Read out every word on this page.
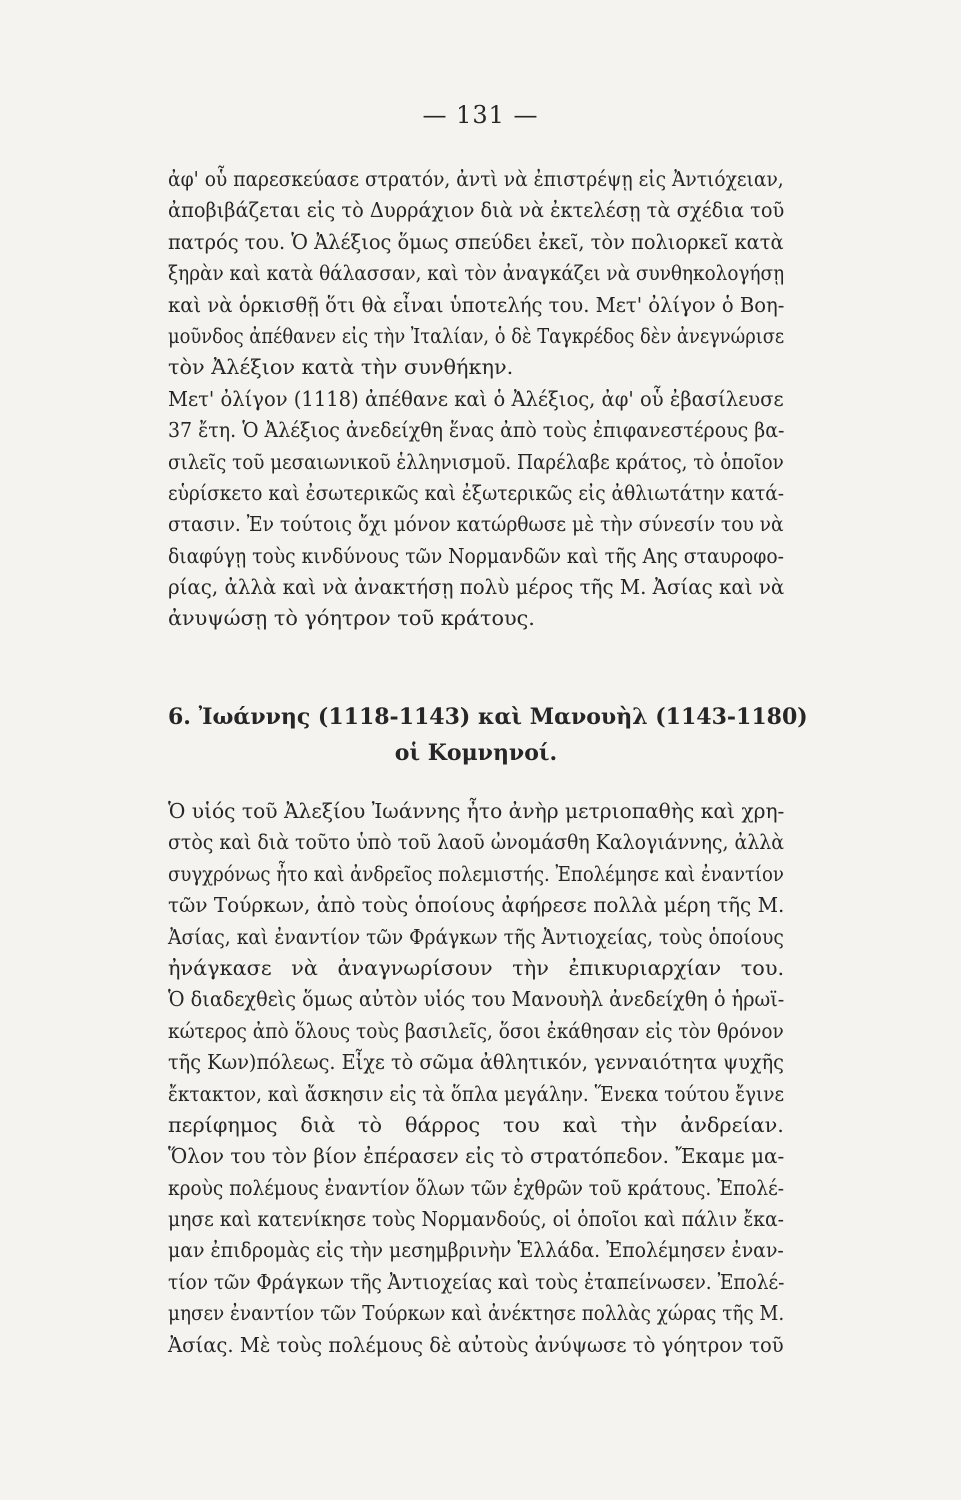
— 131 —
ἀφ' οὗ παρεσκεύασε στρατόν, ἀντὶ νὰ ἐπιστρέψῃ εἰς Ἀντιόχειαν,
ἀποβιβάζεται εἰς τὸ Δυρράχιον διὰ νὰ ἐκτελέσῃ τὰ σχέδια τοῦ
πατρός του. Ὁ Ἀλέξιος ὅμως σπεύδει ἐκεῖ, τὸν πολιορκεῖ κατὰ
ξηρὰν καὶ κατὰ θάλασσαν, καὶ τὸν ἀναγκάζει νὰ συνθηκολογήσῃ
καὶ νὰ ὁρκισθῇ ὅτι θὰ εἶναι ὑποτελής του. Μετ' ὀλίγον ὁ Βοη-
μοῦνδος ἀπέθανεν εἰς τὴν Ἰταλίαν, ὁ δὲ Ταγκρέδος δὲν ἀνεγνώρισε
τὸν Ἀλέξιον κατὰ τὴν συνθήκην.
Μετ' ὀλίγον (1118) ἀπέθανε καὶ ὁ Ἀλέξιος, ἀφ' οὗ ἐβασίλευσε
37 ἔτη. Ὁ Ἀλέξιος ἀνεδείχθη ἕνας ἀπὸ τοὺς ἐπιφανεστέρους βα-
σιλεῖς τοῦ μεσαιωνικοῦ ἑλληνισμοῦ. Παρέλαβε κράτος, τὸ ὁποῖον
εὑρίσκετο καὶ ἐσωτερικῶς καὶ ἐξωτερικῶς εἰς ἀθλιωτάτην κατά-
στασιν. Ἐν τούτοις ὄχι μόνον κατώρθωσε μὲ τὴν σύνεσίν του νὰ
διαφύγῃ τοὺς κινδύνους τῶν Νορμανδῶν καὶ τῆς Αης σταυροφο-
ρίας, ἀλλὰ καὶ νὰ ἀνακτήσῃ πολὺ μέρος τῆς Μ. Ἀσίας καὶ νὰ
ἀνυψώσῃ τὸ γόητρον τοῦ κράτους.
6. Ἰωάννης (1118-1143) καὶ Μανουὴλ (1143-1180)
οἱ Κομνηνοί.
Ὁ υἱός τοῦ Ἀλεξίου Ἰωάννης ἦτο ἀνὴρ μετριοπαθὴς καὶ χρη-
στὸς καὶ διὰ τοῦτο ὑπὸ τοῦ λαοῦ ὠνομάσθη Καλογιάννης, ἀλλὰ
συγχρόνως ἦτο καὶ ἀνδρεῖος πολεμιστής. Ἐπολέμησε καὶ ἐναντίον
τῶν Τούρκων, ἀπὸ τοὺς ὁποίους ἀφήρεσε πολλὰ μέρη τῆς Μ.
Ἀσίας, καὶ ἐναντίον τῶν Φράγκων τῆς Ἀντιοχείας, τοὺς ὁποίους
ἠνάγκασε νὰ ἀναγνωρίσουν τὴν ἐπικυριαρχίαν του.
Ὁ διαδεχθεὶς ὅμως αὐτὸν υἱός του Μανουὴλ ἀνεδείχθη ὁ ἡρωϊ-
κώτερος ἀπὸ ὅλους τοὺς βασιλεῖς, ὅσοι ἐκάθησαν εἰς τὸν θρόνον
τῆς Κων)πόλεως. Εἶχε τὸ σῶμα ἀθλητικόν, γενναιότητα ψυχῆς
ἔκτακτον, καὶ ἄσκησιν εἰς τὰ ὅπλα μεγάλην. Ἕνεκα τούτου ἔγινε
περίφημος διὰ τὸ θάρρος του καὶ τὴν ἀνδρείαν.
Ὅλον του τὸν βίον ἐπέρασεν εἰς τὸ στρατόπεδον. Ἔκαμε μα-
κροὺς πολέμους ἐναντίον ὅλων τῶν ἐχθρῶν τοῦ κράτους. Ἐπολέ-
μησε καὶ κατενίκησε τοὺς Νορμανδούς, οἱ ὁποῖοι καὶ πάλιν ἔκα-
μαν ἐπιδρομὰς εἰς τὴν μεσημβρινὴν Ἑλλάδα. Ἐπολέμησεν ἐναν-
τίον τῶν Φράγκων τῆς Ἀντιοχείας καὶ τοὺς ἐταπείνωσεν. Ἐπολέ-
μησεν ἐναντίον τῶν Τούρκων καὶ ἀνέκτησε πολλὰς χώρας τῆς Μ.
Ἀσίας. Μὲ τοὺς πολέμους δὲ αὐτοὺς ἀνύψωσε τὸ γόητρον τοῦ
